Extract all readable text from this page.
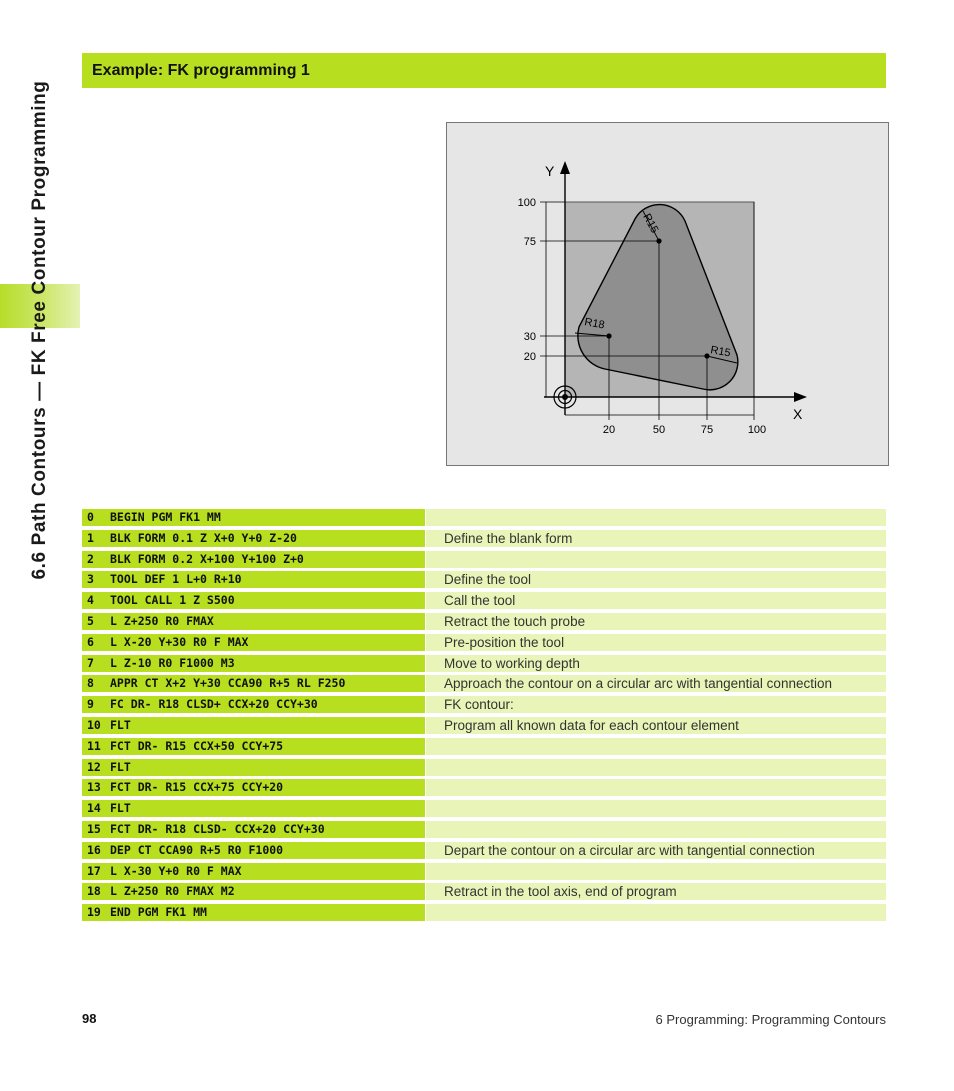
6.6 Path Contours — FK Free Contour Programming
Example: FK programming 1
Y
X
100
75
30
20
20	50	75	100
R15
R18
R15
0 BEGIN PGM FK1 MM
1 BLK FORM 0.1 Z X+0 Y+0 Z-20	Define the blank form
2 BLK FORM 0.2 X+100 Y+100 Z+0
3 TOOL DEF 1 L+0 R+10	Define the tool
4 TOOL CALL 1 Z S500	Call the tool
5 L Z+250 R0 FMAX	Retract the touch probe
6 L X-20 Y+30 R0 F MAX	Pre-position the tool
7 L Z-10 R0 F1000 M3	Move to working depth
8 APPR CT X+2 Y+30 CCA90 R+5 RL F250	Approach the contour on a circular arc with tangential connection
9 FC DR- R18 CLSD+ CCX+20 CCY+30	FK contour:
10 FLT	Program all known data for each contour element
11 FCT DR- R15 CCX+50 CCY+75
12 FLT
13 FCT DR- R15 CCX+75 CCY+20
14 FLT
15 FCT DR- R18 CLSD- CCX+20 CCY+30
16 DEP CT CCA90 R+5 R0 F1000	Depart the contour on a circular arc with tangential connection
17 L X-30 Y+0 R0 F MAX
18 L Z+250 R0 FMAX M2	Retract in the tool axis, end of program
19 END PGM FK1 MM
98	6 Programming: Programming Contours
